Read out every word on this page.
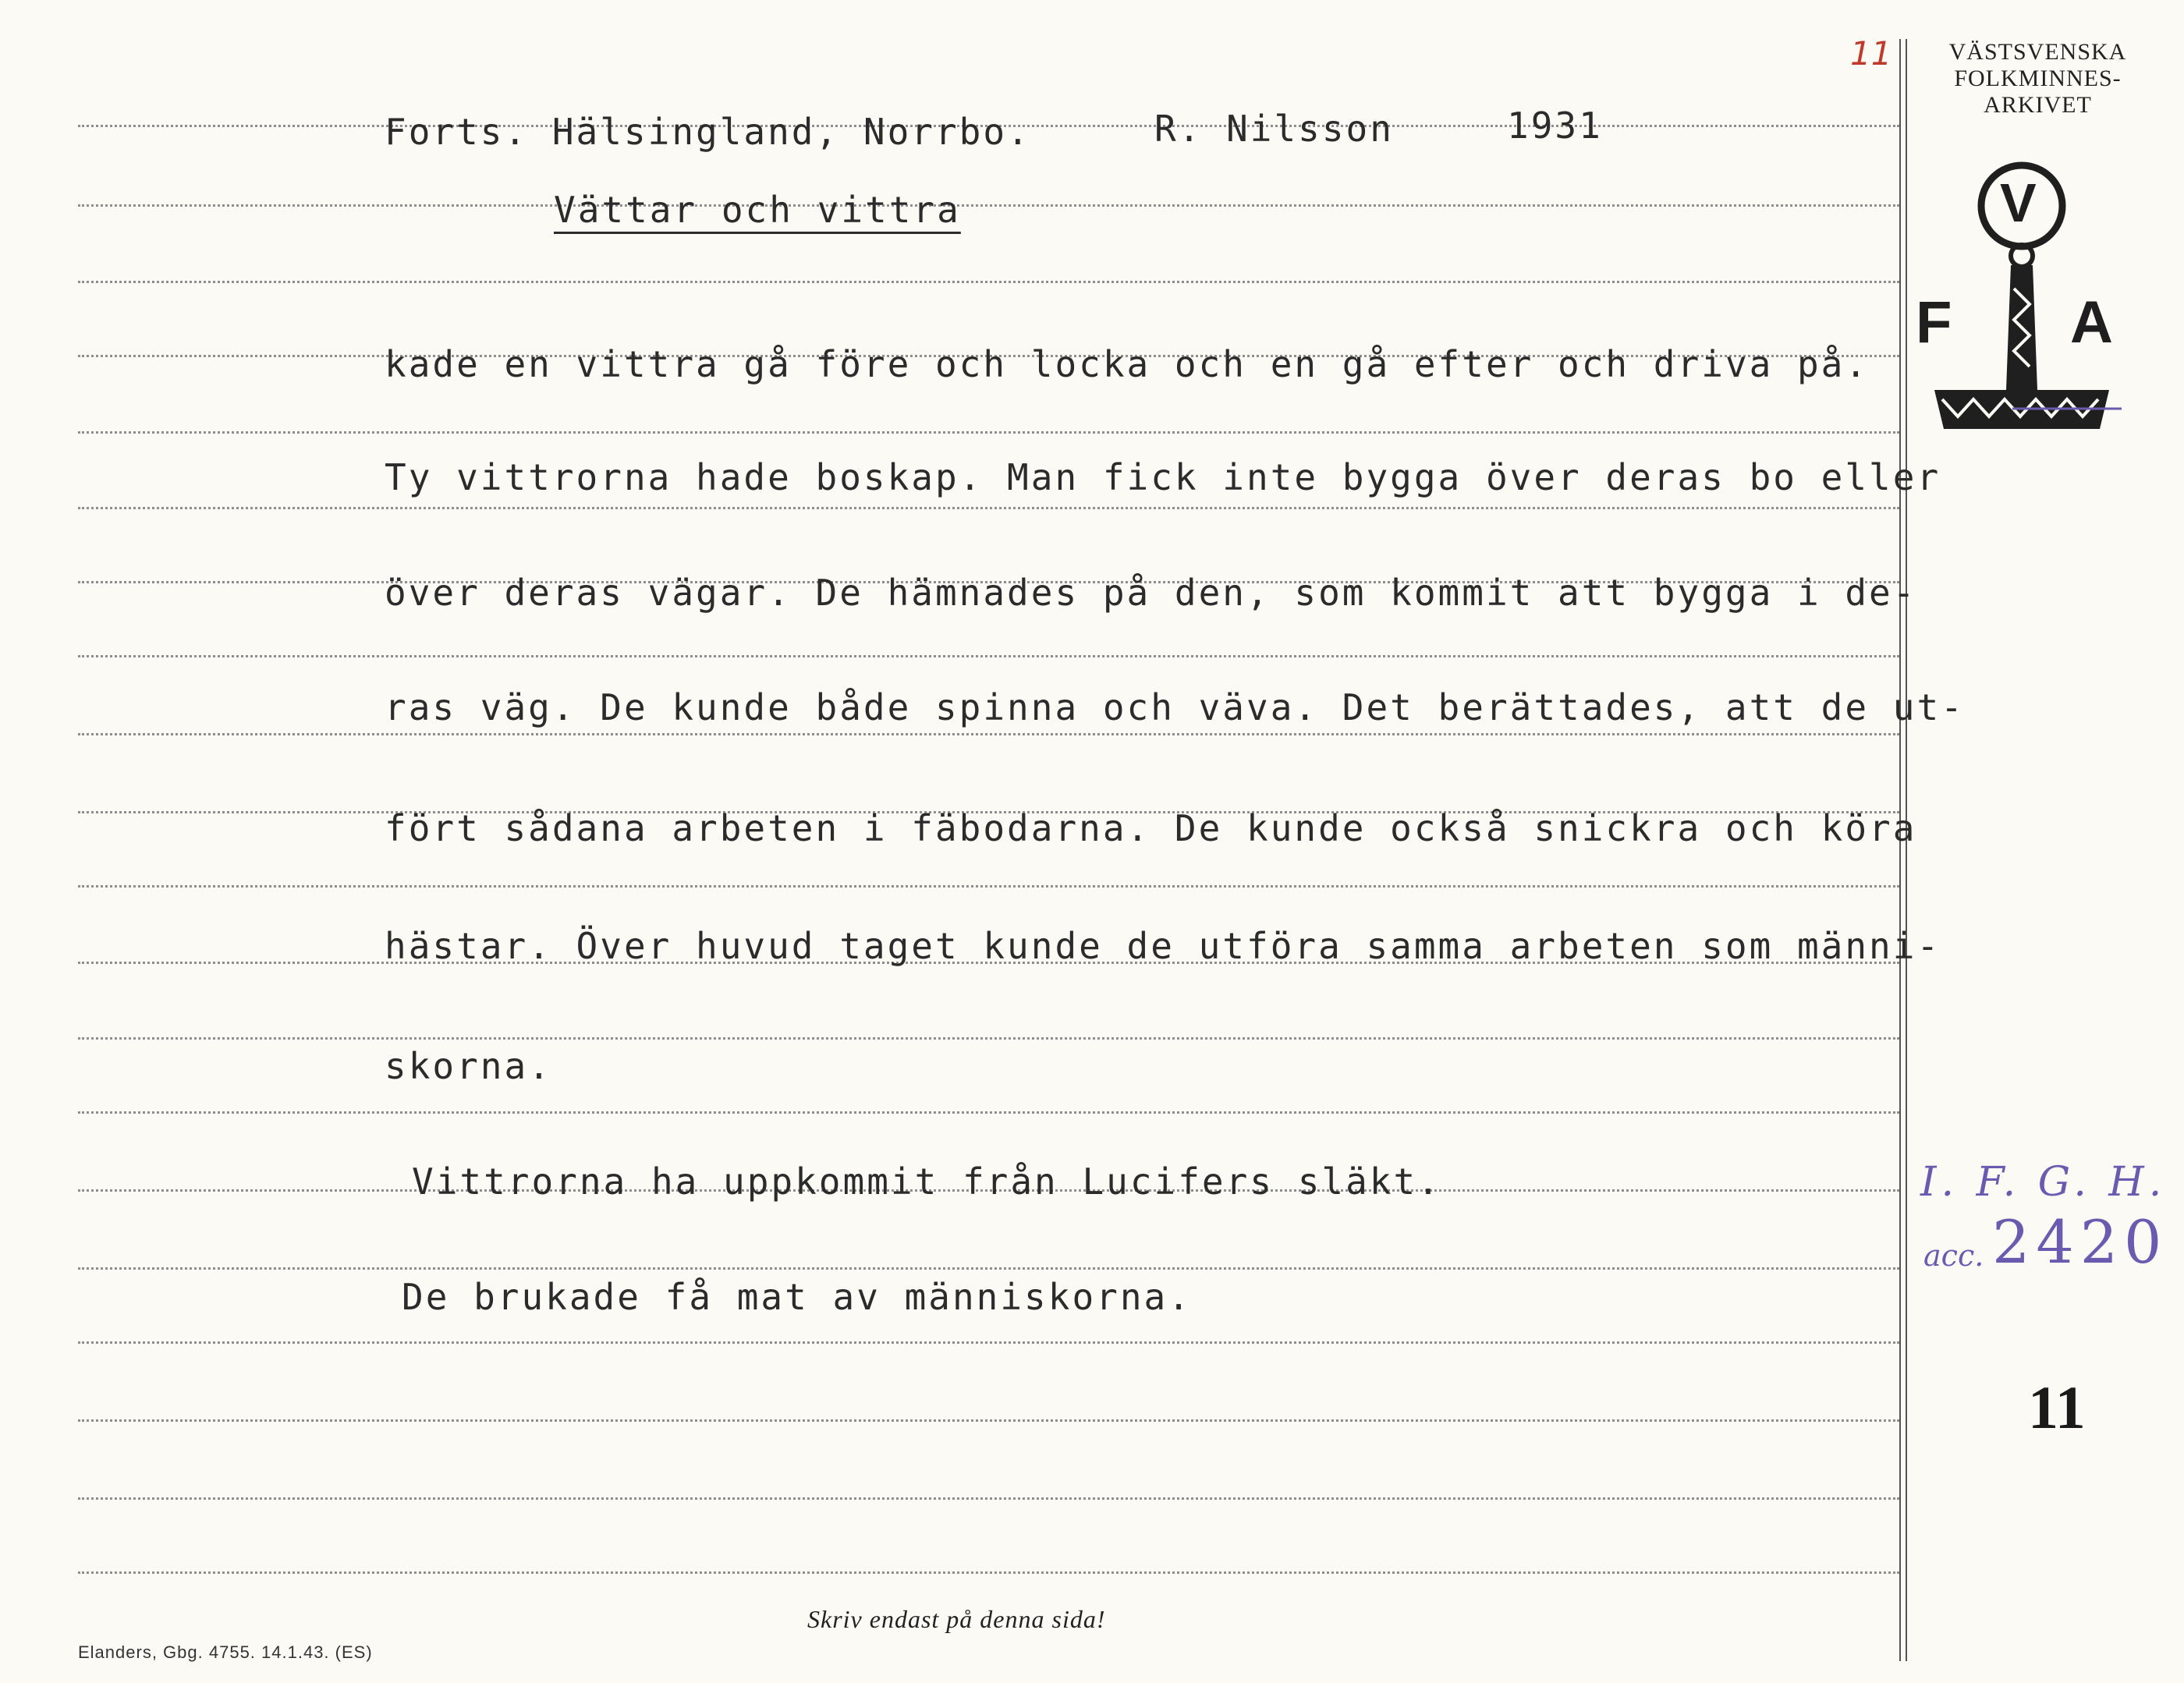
Forts. Hälsingland, Norrbo.	R. Nilsson	1931
Vättar och vittra
kade en vittra gå före och locka och en gå efter och driva på.
Ty vittrorna hade boskap. Man fick inte bygga över deras bo eller
över deras vägar. De hämnades på den, som kommit att bygga i de-
ras väg. De kunde både spinna och väva. Det berättades, att de ut-
fört sådana arbeten i fäbodarna. De kunde också snickra och köra
hästar. Över huvud taget kunde de utföra samma arbeten som männi-
skorna.
Vittrorna ha uppkommit från Lucifers släkt.
De brukade få mat av människorna.
11	VÄSTSVENSKA
FOLKMINNES-
ARKIVET
V
F A
I. F. G. H.
acc. 2420
11
Skriv endast på denna sida!
Elanders, Gbg. 4755. 14.1.43. (ES)
